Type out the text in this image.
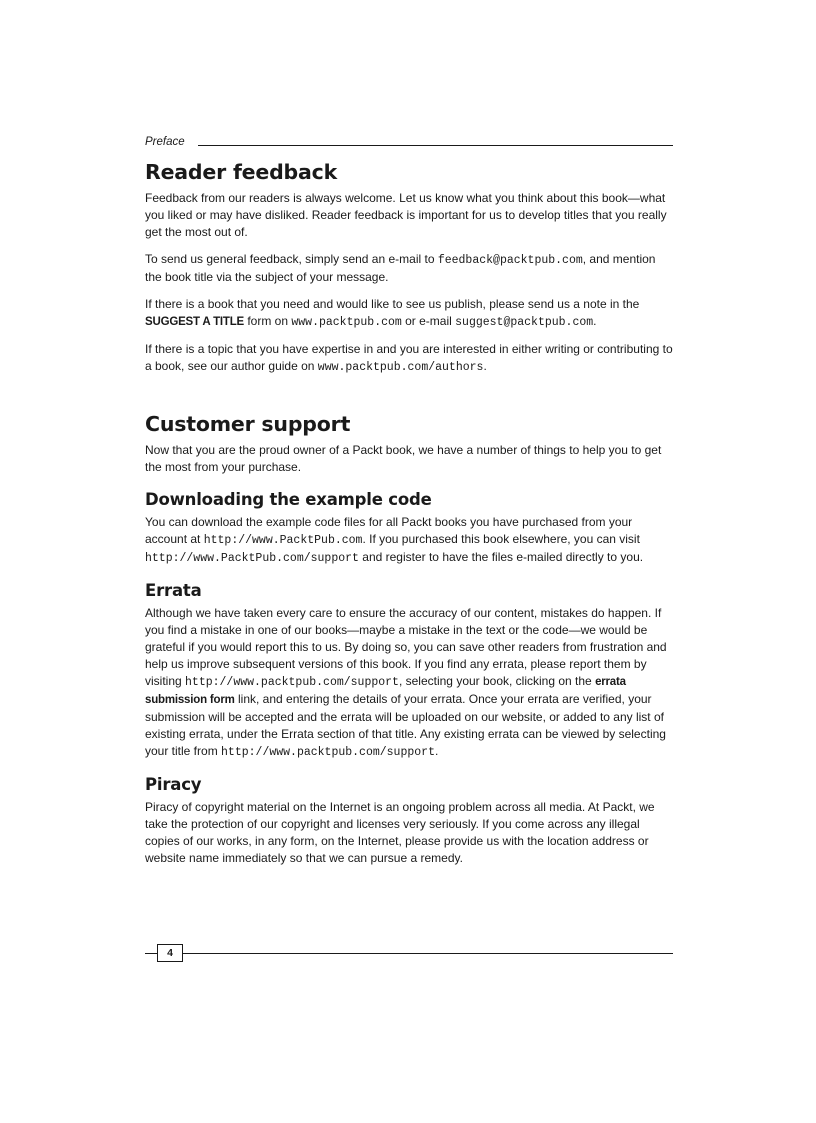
Preface
Reader feedback

Feedback from our readers is always welcome. Let us know what you think about this book—what you liked or may have disliked. Reader feedback is important for us to develop titles that you really get the most out of.

To send us general feedback, simply send an e-mail to feedback@packtpub.com, and mention the book title via the subject of your message.

If there is a book that you need and would like to see us publish, please send us a note in the SUGGEST A TITLE form on www.packtpub.com or e-mail suggest@packtpub.com.

If there is a topic that you have expertise in and you are interested in either writing or contributing to a book, see our author guide on www.packtpub.com/authors.

Customer support

Now that you are the proud owner of a Packt book, we have a number of things to help you to get the most from your purchase.

Downloading the example code

You can download the example code files for all Packt books you have purchased from your account at http://www.PacktPub.com. If you purchased this book elsewhere, you can visit http://www.PacktPub.com/support and register to have the files e-mailed directly to you.

Errata

Although we have taken every care to ensure the accuracy of our content, mistakes do happen. If you find a mistake in one of our books—maybe a mistake in the text or the code—we would be grateful if you would report this to us. By doing so, you can save other readers from frustration and help us improve subsequent versions of this book. If you find any errata, please report them by visiting http://www.packtpub.com/support, selecting your book, clicking on the errata submission form link, and entering the details of your errata. Once your errata are verified, your submission will be accepted and the errata will be uploaded on our website, or added to any list of existing errata, under the Errata section of that title. Any existing errata can be viewed by selecting your title from http://www.packtpub.com/support.

Piracy

Piracy of copyright material on the Internet is an ongoing problem across all media. At Packt, we take the protection of our copyright and licenses very seriously. If you come across any illegal copies of our works, in any form, on the Internet, please provide us with the location address or website name immediately so that we can pursue a remedy.

4
